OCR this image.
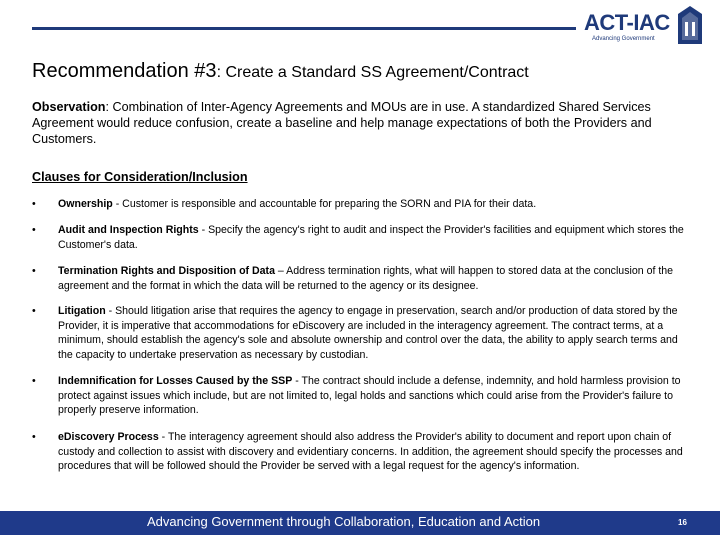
ACT-IAC
Advancing Government
Recommendation #3: Create a Standard SS Agreement/Contract
Observation: Combination of Inter-Agency Agreements and MOUs are in use. A standardized Shared Services Agreement would reduce confusion, create a baseline and help manage expectations of both the Providers and Customers.
Clauses for Consideration/Inclusion
• Ownership - Customer is responsible and accountable for preparing the SORN and PIA for their data.
• Audit and Inspection Rights - Specify the agency's right to audit and inspect the Provider's facilities and equipment which stores the Customer's data.
• Termination Rights and Disposition of Data – Address termination rights, what will happen to stored data at the conclusion of the agreement and the format in which the data will be returned to the agency or its designee.
• Litigation - Should litigation arise that requires the agency to engage in preservation, search and/or production of data stored by the Provider, it is imperative that accommodations for eDiscovery are included in the interagency agreement. The contract terms, at a minimum, should establish the agency's sole and absolute ownership and control over the data, the ability to apply search terms and the capacity to undertake preservation as necessary by custodian.
• Indemnification for Losses Caused by the SSP - The contract should include a defense, indemnity, and hold harmless provision to protect against issues which include, but are not limited to, legal holds and sanctions which could arise from the Provider's failure to properly preserve information.
• eDiscovery Process - The interagency agreement should also address the Provider's ability to document and report upon chain of custody and collection to assist with discovery and evidentiary concerns. In addition, the agreement should specify the processes and procedures that will be followed should the Provider be served with a legal request for the agency's information.
Advancing Government through Collaboration, Education and Action	16
